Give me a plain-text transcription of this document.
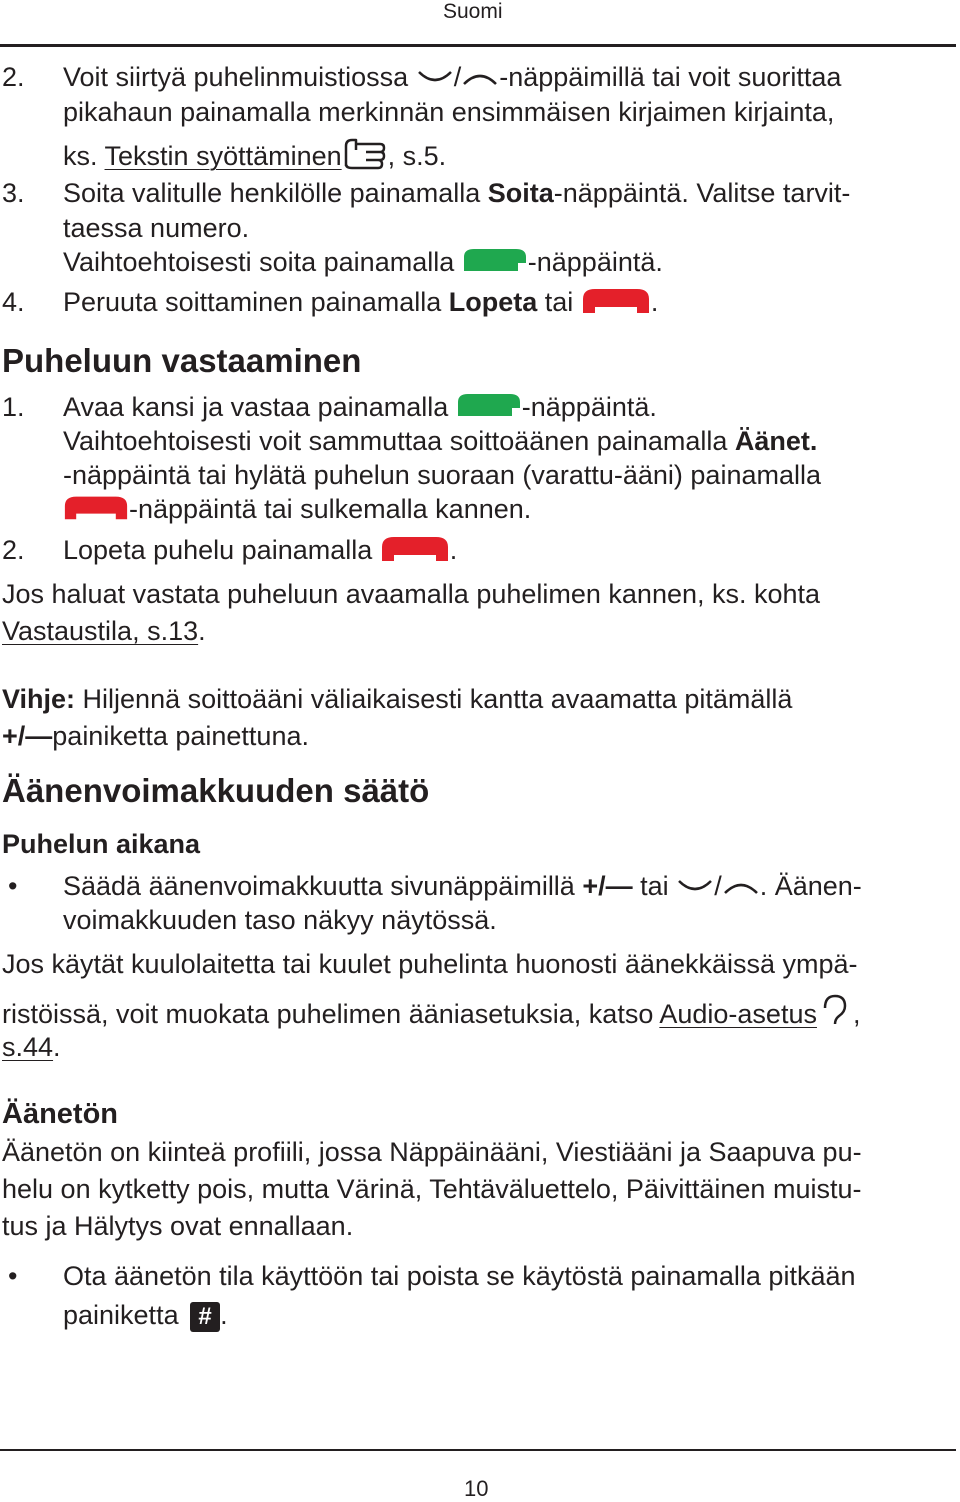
Suomi
2. Voit siirtyä puhelinmuistiossa / -näppäimillä tai voit suorittaa
pikahaun painamalla merkinnän ensimmäisen kirjaimen kirjainta,
ks. Tekstin syöttäminen , s.5.
3. Soita valitulle henkilölle painamalla Soita-näppäintä. Valitse tarvit-
taessa numero.
Vaihtoehtoisesti soita painamalla	-näppäintä.
4. Peruuta soittaminen painamalla Lopeta tai	.
Puheluun vastaaminen
1. Avaa kansi ja vastaa painamalla	-näppäintä.
Vaihtoehtoisesti voit sammuttaa soittoäänen painamalla Äänet.
-näppäintä tai hylätä puhelun suoraan (varattu-ääni) painamalla
-näppäintä tai sulkemalla kannen.
2. Lopeta puhelu painamalla	.
Jos haluat vastata puheluun avaamalla puhelimen kannen, ks. kohta
Vastaustila, s.13.
Vihje: Hiljennä soittoääni väliaikaisesti kantta avaamatta pitämällä
+/—painiketta painettuna.
Äänenvoimakkuuden säätö
Puhelun aikana
• Säädä äänenvoimakkuutta sivunäppäimillä +/— tai / . Äänen-
voimakkuuden taso näkyy näytössä.
Jos käytät kuulolaitetta tai kuulet puhelinta huonosti äänekkäissä ympä-
ristöissä, voit muokata puhelimen ääniasetuksia, katso Audio-asetus ,
s.44.
Äänetön
Äänetön on kiinteä profiili, jossa Näppäinääni, Viestiääni ja Saapuva pu-
helu on kytketty pois, mutta Värinä, Tehtäväluettelo, Päivittäinen muistu-
tus ja Hälytys ovat ennallaan.
• Ota äänetön tila käyttöön tai poista se käytöstä painamalla pitkään
painiketta # .
10
